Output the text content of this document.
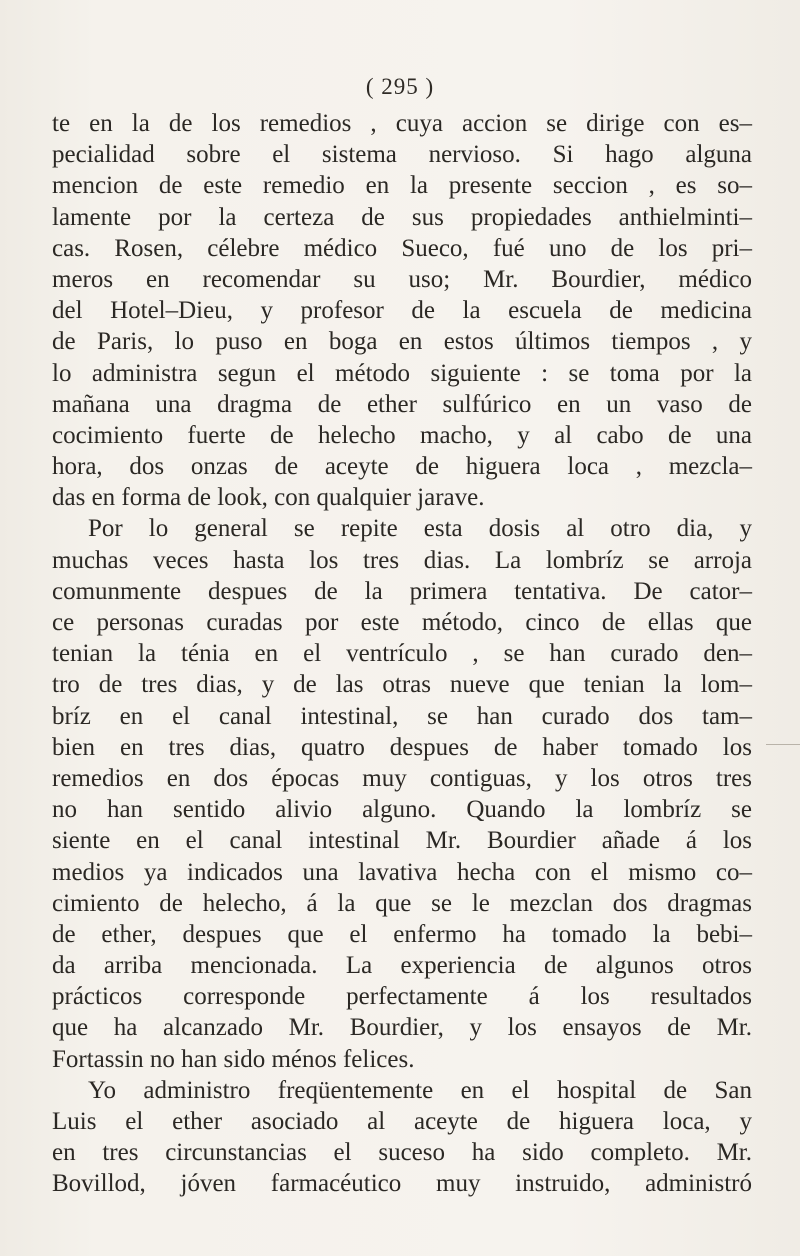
( 295 )
te en la de los remedios , cuya accion se dirige con es–
pecialidad sobre el sistema nervioso. Si hago alguna
mencion de este remedio en la presente seccion , es so–
lamente por la certeza de sus propiedades anthielminti–
cas. Rosen, célebre médico Sueco, fué uno de los pri–
meros en recomendar su uso; Mr. Bourdier, médico
del Hotel–Dieu, y profesor de la escuela de medicina
de Paris, lo puso en boga en estos últimos tiempos , y
lo administra segun el método siguiente : se toma por la
mañana una dragma de ether sulfúrico en un vaso de
cocimiento fuerte de helecho macho, y al cabo de una
hora, dos onzas de aceyte de higuera loca , mezcla–
das en forma de look, con qualquier jarave.
Por lo general se repite esta dosis al otro dia, y
muchas veces hasta los tres dias. La lombríz se arroja
comunmente despues de la primera tentativa. De cator–
ce personas curadas por este método, cinco de ellas que
tenian la ténia en el ventrículo , se han curado den–
tro de tres dias, y de las otras nueve que tenian la lom–
bríz en el canal intestinal, se han curado dos tam–
bien en tres dias, quatro despues de haber tomado los
remedios en dos épocas muy contiguas, y los otros tres
no han sentido alivio alguno. Quando la lombríz se
siente en el canal intestinal Mr. Bourdier añade á los
medios ya indicados una lavativa hecha con el mismo co–
cimiento de helecho, á la que se le mezclan dos dragmas
de ether, despues que el enfermo ha tomado la bebi–
da arriba mencionada. La experiencia de algunos otros
prácticos corresponde perfectamente á los resultados
que ha alcanzado Mr. Bourdier, y los ensayos de Mr.
Fortassin no han sido ménos felices.
Yo administro freqüentemente en el hospital de San
Luis el ether asociado al aceyte de higuera loca, y
en tres circunstancias el suceso ha sido completo. Mr.
Bovillod, jóven farmacéutico muy instruido, administró
